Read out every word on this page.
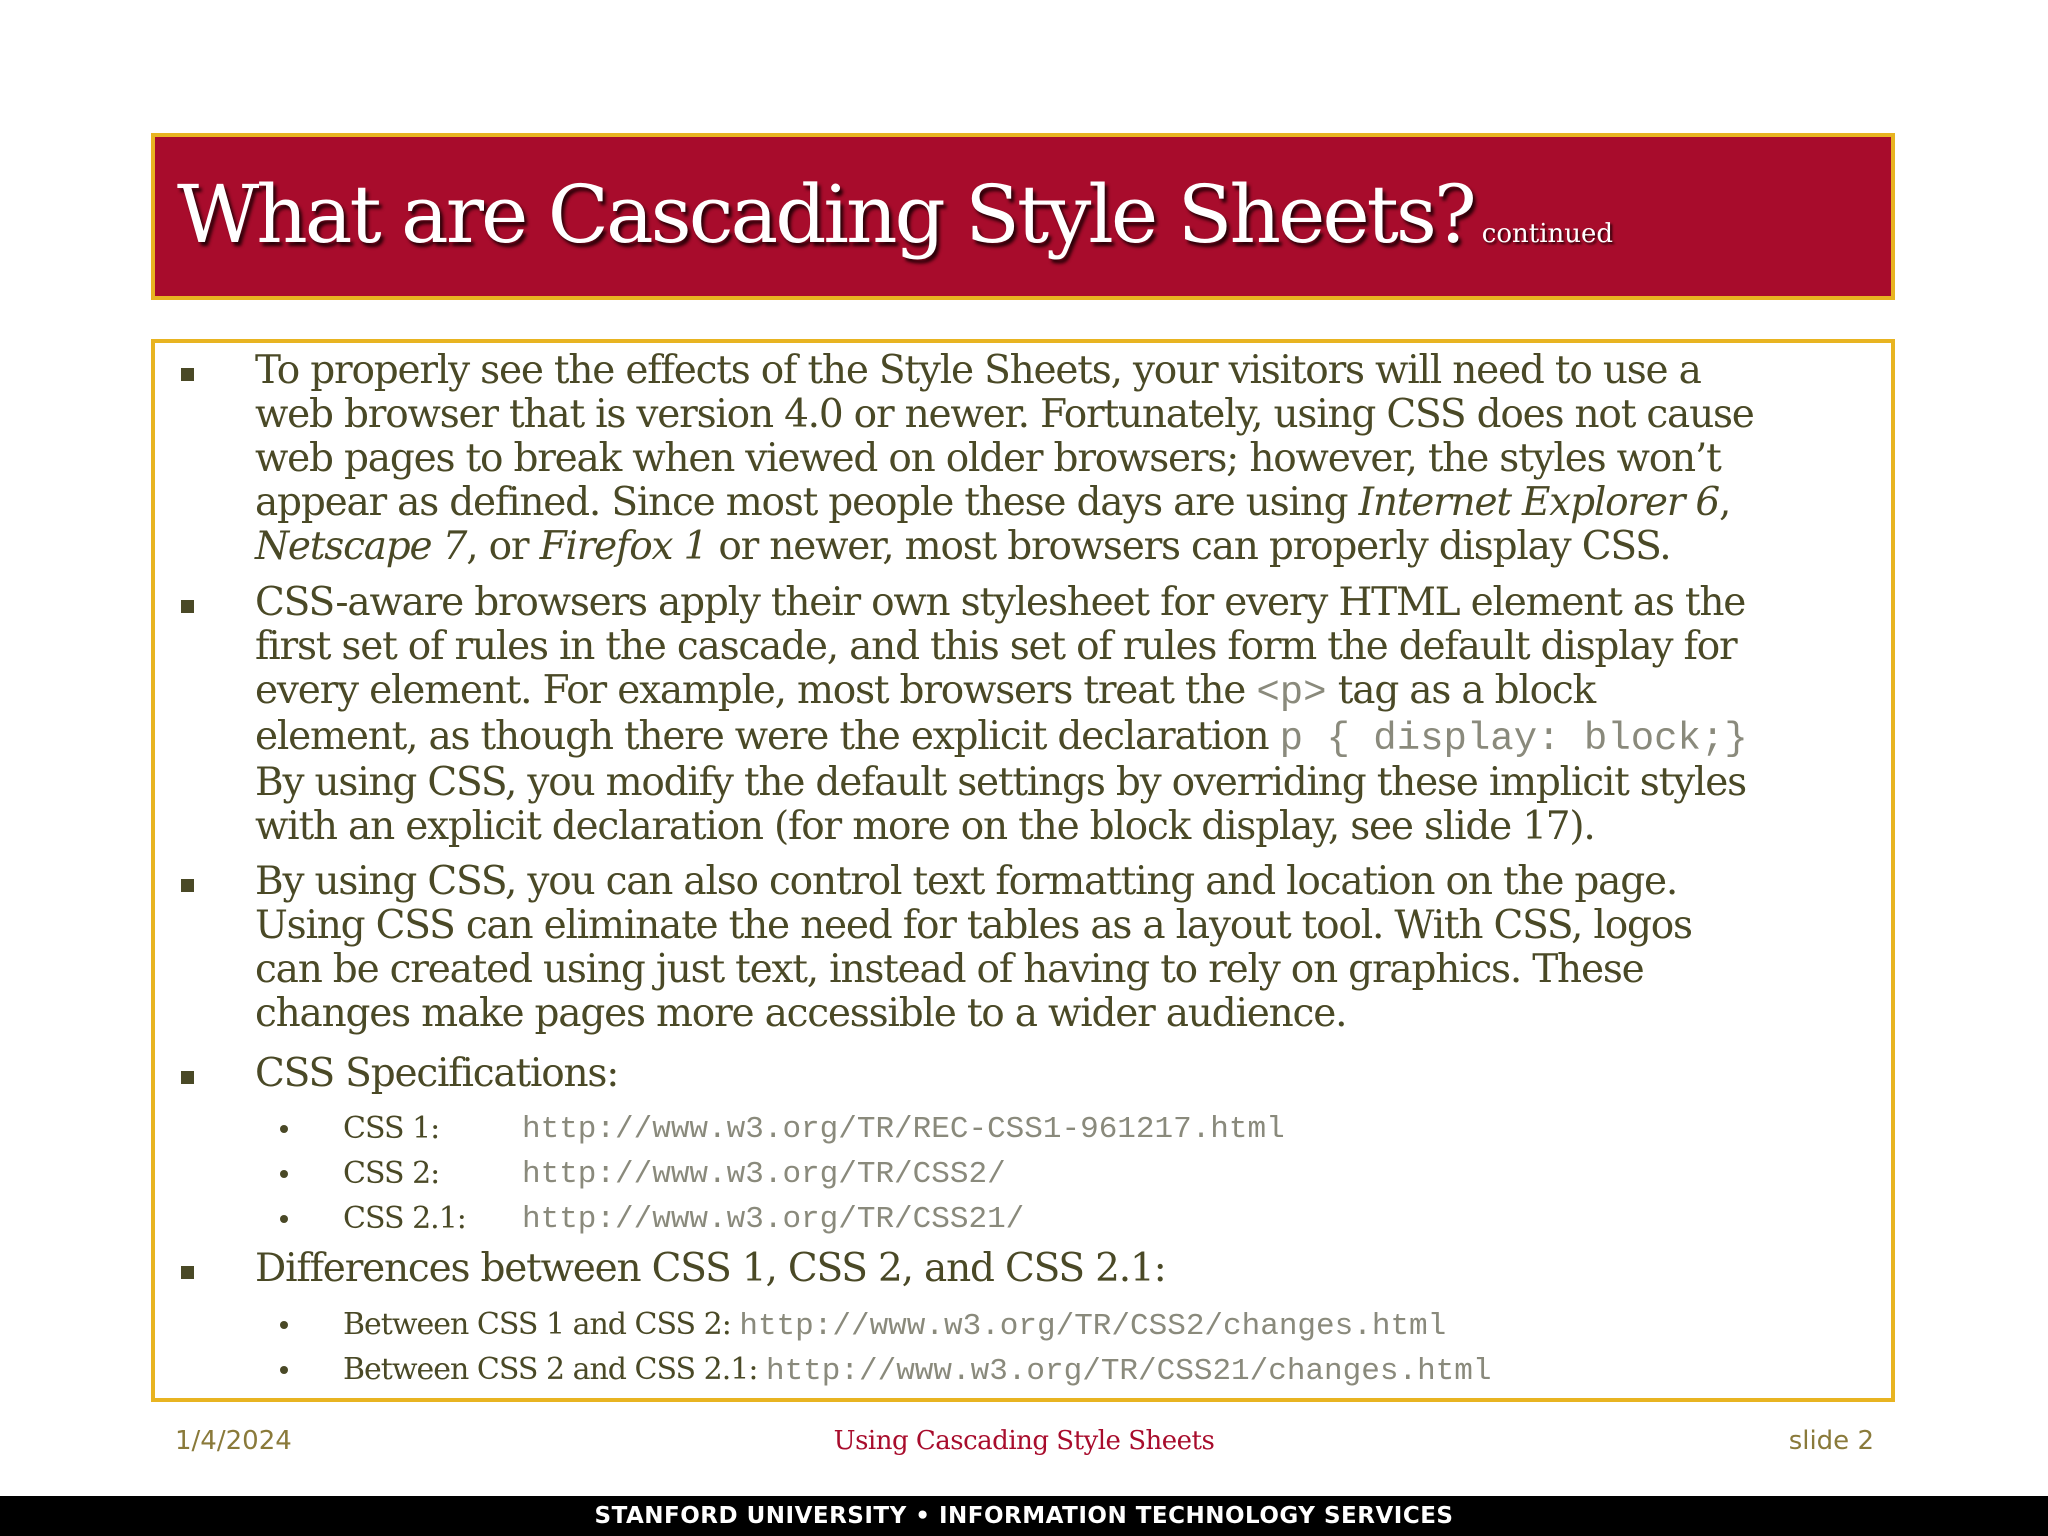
What are Cascading Style Sheets? continued
To properly see the effects of the Style Sheets, your visitors will need to use a
web browser that is version 4.0 or newer. Fortunately, using CSS does not cause
web pages to break when viewed on older browsers; however, the styles won’t
appear as defined. Since most people these days are using Internet Explorer 6,
Netscape 7, or Firefox 1 or newer, most browsers can properly display CSS.
CSS-aware browsers apply their own stylesheet for every HTML element as the
first set of rules in the cascade, and this set of rules form the default display for
every element. For example, most browsers treat the <p> tag as a block
element, as though there were the explicit declaration p { display: block;}
By using CSS, you modify the default settings by overriding these implicit styles
with an explicit declaration (for more on the block display, see slide 17).
By using CSS, you can also control text formatting and location on the page.
Using CSS can eliminate the need for tables as a layout tool. With CSS, logos
can be created using just text, instead of having to rely on graphics. These
changes make pages more accessible to a wider audience.
CSS Specifications:
CSS 1:	http://www.w3.org/TR/REC-CSS1-961217.html
CSS 2:	http://www.w3.org/TR/CSS2/
CSS 2.1: http://www.w3.org/TR/CSS21/
Differences between CSS 1, CSS 2, and CSS 2.1:
Between CSS 1 and CSS 2: http://www.w3.org/TR/CSS2/changes.html
Between CSS 2 and CSS 2.1: http://www.w3.org/TR/CSS21/changes.html
1/4/2024	Using Cascading Style Sheets	slide 2
STANFORD UNIVERSITY • INFORMATION TECHNOLOGY SERVICES
